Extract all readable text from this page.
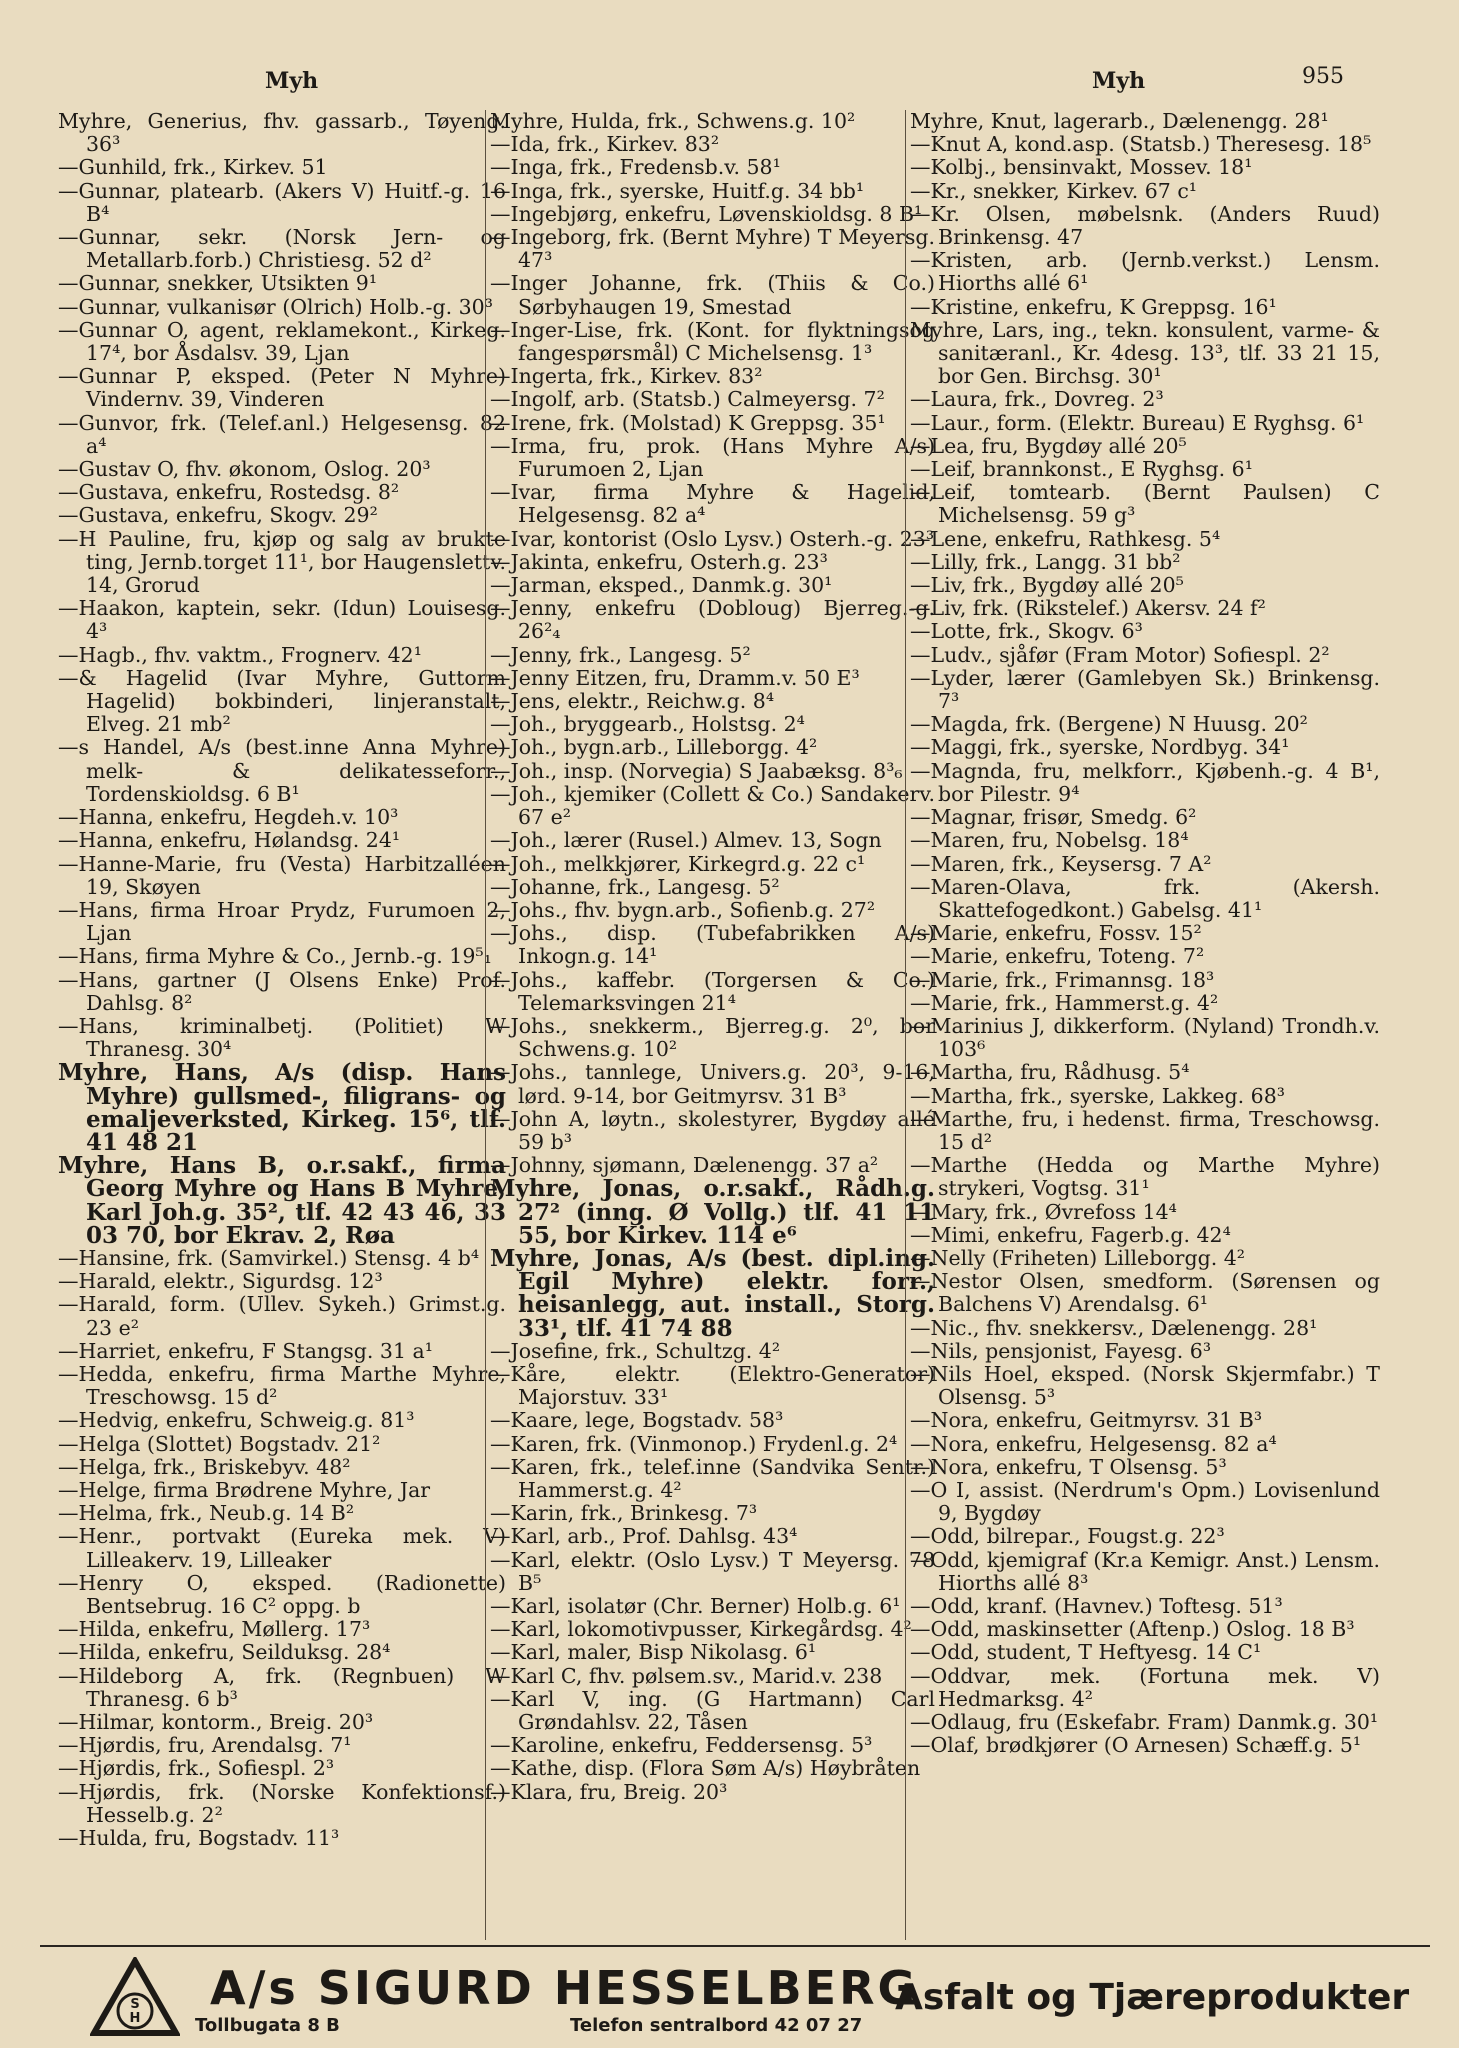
Myh	Myh	955

Myhre, Generius, fhv. gassarb., Tøyeng. 36³

—Gunhild, frk., Kirkev. 51

—Gunnar, platearb. (Akers V) Huitf.-g. 16 B⁴

—Gunnar, sekr. (Norsk Jern- og Metallarb.forb.) Christiesg. 52 d²

—Gunnar, snekker, Utsikten 9¹

—Gunnar, vulkanisør (Olrich) Holb.-g. 30³

—Gunnar O, agent, reklamekont., Kirkeg. 17⁴, bor Åsdalsv. 39, Ljan

—Gunnar P, eksped. (Peter N Myhre) Vindernv. 39, Vinderen

—Gunvor, frk. (Telef.anl.) Helgesensg. 82 a⁴

—Gustav O, fhv. økonom, Oslog. 20³

—Gustava, enkefru, Rostedsg. 8²

—Gustava, enkefru, Skogv. 29²

—H Pauline, fru, kjøp og salg av brukte ting, Jernb.torget 11¹, bor Haugenslettv. 14, Grorud

—Haakon, kaptein, sekr. (Idun) Louisesg. 4³

—Hagb., fhv. vaktm., Frognerv. 42¹

—& Hagelid (Ivar Myhre, Guttorm Hagelid) bokbinderi, linjeranstalt, Elveg. 21 mb²

—s Handel, A/s (best.inne Anna Myhre) melk- & delikatesseforr., Tordenskioldsg. 6 B¹

—Hanna, enkefru, Hegdeh.v. 10³

—Hanna, enkefru, Hølandsg. 24¹

—Hanne-Marie, fru (Vesta) Harbitzalléen 19, Skøyen

—Hans, firma Hroar Prydz, Furumoen 2, Ljan

—Hans, firma Myhre & Co., Jernb.-g. 19⁵₁

—Hans, gartner (J Olsens Enke) Prof. Dahlsg. 8²

—Hans, kriminalbetj. (Politiet) W Thranesg. 30⁴

Myhre, Hans, A/s (disp. Hans Myhre) gullsmed-, filigrans- og emaljeverksted, Kirkeg. 15⁶, tlf. 41 48 21

Myhre, Hans B, o.r.sakf., firma Georg Myhre og Hans B Myhre, Karl Joh.g. 35², tlf. 42 43 46, 33 03 70, bor Ekrav. 2, Røa

—Hansine, frk. (Samvirkel.) Stensg. 4 b⁴

—Harald, elektr., Sigurdsg. 12³

—Harald, form. (Ullev. Sykeh.) Grimst.g. 23 e²

—Harriet, enkefru, F Stangsg. 31 a¹

—Hedda, enkefru, firma Marthe Myhre, Treschowsg. 15 d²

—Hedvig, enkefru, Schweig.g. 81³

—Helga (Slottet) Bogstadv. 21²

—Helga, frk., Briskebyv. 48²

—Helge, firma Brødrene Myhre, Jar

—Helma, frk., Neub.g. 14 B²

—Henr., portvakt (Eureka mek. V) Lilleakerv. 19, Lilleaker

—Henry O, eksped. (Radionette) Bentsebrug. 16 C² oppg. b

—Hilda, enkefru, Møllerg. 17³

—Hilda, enkefru, Seilduksg. 28⁴

—Hildeborg A, frk. (Regnbuen) W Thranesg. 6 b³

—Hilmar, kontorm., Breig. 20³

—Hjørdis, fru, Arendalsg. 7¹

—Hjørdis, frk., Sofiespl. 2³

—Hjørdis, frk. (Norske Konfektionsf.) Hesselb.g. 2²

—Hulda, fru, Bogstadv. 11³

Myhre, Hulda, frk., Schwens.g. 10²

—Ida, frk., Kirkev. 83²

—Inga, frk., Fredensb.v. 58¹

—Inga, frk., syerske, Huitf.g. 34 bb¹

—Ingebjørg, enkefru, Løvenskioldsg. 8 B¹

—Ingeborg, frk. (Bernt Myhre) T Meyersg. 47³

—Inger Johanne, frk. (Thiis & Co.) Sørbyhaugen 19, Smestad

—Inger-Lise, frk. (Kont. for flyktningsog fangespørsmål) C Michelsensg. 1³

—Ingerta, frk., Kirkev. 83²

—Ingolf, arb. (Statsb.) Calmeyersg. 7²

—Irene, frk. (Molstad) K Greppsg. 35¹

—Irma, fru, prok. (Hans Myhre A/s) Furumoen 2, Ljan

—Ivar, firma Myhre & Hagelid, Helgesensg. 82 a⁴

—Ivar, kontorist (Oslo Lysv.) Osterh.-g. 23³

—Jakinta, enkefru, Osterh.g. 23³

—Jarman, eksped., Danmk.g. 30¹

—Jenny, enkefru (Dobloug) Bjerreg.-g. 26²₄

—Jenny, frk., Langesg. 5²

—Jenny Eitzen, fru, Dramm.v. 50 E³

—Jens, elektr., Reichw.g. 8⁴

—Joh., bryggearb., Holstsg. 2⁴

—Joh., bygn.arb., Lilleborgg. 4²

—Joh., insp. (Norvegia) S Jaabæksg. 8³₆

—Joh., kjemiker (Collett & Co.) Sandakerv. 67 e²

—Joh., lærer (Rusel.) Almev. 13, Sogn

—Joh., melkkjører, Kirkegrd.g. 22 c¹

—Johanne, frk., Langesg. 5²

—Johs., fhv. bygn.arb., Sofienb.g. 27²

—Johs., disp. (Tubefabrikken A/s) Inkogn.g. 14¹

—Johs., kaffebr. (Torgersen & Co.) Telemarksvingen 21⁴

—Johs., snekkerm., Bjerreg.g. 2⁰, bor Schwens.g. 10²

—Johs., tannlege, Univers.g. 20³, 9-16, lørd. 9-14, bor Geitmyrsv. 31 B³

—John A, løytn., skolestyrer, Bygdøy allé 59 b³

—Johnny, sjømann, Dælenengg. 37 a²

Myhre, Jonas, o.r.sakf., Rådh.g. 27² (inng. Ø Vollg.) tlf. 41 11 55, bor Kirkev. 114 e⁶

Myhre, Jonas, A/s (best. dipl.ing. Egil Myhre) elektr. forr., heisanlegg, aut. install., Storg. 33¹, tlf. 41 74 88

—Josefine, frk., Schultzg. 4²

—Kåre, elektr. (Elektro-Generator) Majorstuv. 33¹

—Kaare, lege, Bogstadv. 58³

—Karen, frk. (Vinmonop.) Frydenl.g. 2⁴

—Karen, frk., telef.inne (Sandvika Sentr.) Hammerst.g. 4²

—Karin, frk., Brinkesg. 7³

—Karl, arb., Prof. Dahlsg. 43⁴

—Karl, elektr. (Oslo Lysv.) T Meyersg. 78 B⁵

—Karl, isolatør (Chr. Berner) Holb.g. 6¹

—Karl, lokomotivpusser, Kirkegårdsg. 4²

—Karl, maler, Bisp Nikolasg. 6¹

—Karl C, fhv. pølsem.sv., Marid.v. 238

—Karl V, ing. (G Hartmann) Carl Grøndahlsv. 22, Tåsen

—Karoline, enkefru, Feddersensg. 5³

—Kathe, disp. (Flora Søm A/s) Høybråten

—Klara, fru, Breig. 20³

Myhre, Knut, lagerarb., Dælenengg. 28¹

—Knut A, kond.asp. (Statsb.) Theresesg. 18⁵

—Kolbj., bensinvakt, Mossev. 18¹

—Kr., snekker, Kirkev. 67 c¹

—Kr. Olsen, møbelsnk. (Anders Ruud) Brinkensg. 47

—Kristen, arb. (Jernb.verkst.) Lensm. Hiorths allé 6¹

—Kristine, enkefru, K Greppsg. 16¹

Myhre, Lars, ing., tekn. konsulent, varme- & sanitæranl., Kr. 4desg. 13³, tlf. 33 21 15, bor Gen. Birchsg. 30¹

—Laura, frk., Dovreg. 2³

—Laur., form. (Elektr. Bureau) E Ryghsg. 6¹

—Lea, fru, Bygdøy allé 20⁵

—Leif, brannkonst., E Ryghsg. 6¹

—Leif, tomtearb. (Bernt Paulsen) C Michelsensg. 59 g³

—Lene, enkefru, Rathkesg. 5⁴

—Lilly, frk., Langg. 31 bb²

—Liv, frk., Bygdøy allé 20⁵

—Liv, frk. (Rikstelef.) Akersv. 24 f²

—Lotte, frk., Skogv. 6³

—Ludv., sjåfør (Fram Motor) Sofiespl. 2²

—Lyder, lærer (Gamlebyen Sk.) Brinkensg. 7³

—Magda, frk. (Bergene) N Huusg. 20²

—Maggi, frk., syerske, Nordbyg. 34¹

—Magnda, fru, melkforr., Kjøbenh.-g. 4 B¹, bor Pilestr. 9⁴

—Magnar, frisør, Smedg. 6²

—Maren, fru, Nobelsg. 18⁴

—Maren, frk., Keysersg. 7 A²

—Maren-Olava, frk. (Akersh. Skattefogedkont.) Gabelsg. 41¹

—Marie, enkefru, Fossv. 15²

—Marie, enkefru, Toteng. 7²

—Marie, frk., Frimannsg. 18³

—Marie, frk., Hammerst.g. 4²

—Marinius J, dikkerform. (Nyland) Trondh.v. 103⁶

—Martha, fru, Rådhusg. 5⁴

—Martha, frk., syerske, Lakkeg. 68³

—Marthe, fru, i hedenst. firma, Treschowsg. 15 d²

—Marthe (Hedda og Marthe Myhre) strykeri, Vogtsg. 31¹

—Mary, frk., Øvrefoss 14⁴

—Mimi, enkefru, Fagerb.g. 42⁴

—Nelly (Friheten) Lilleborgg. 4²

—Nestor Olsen, smedform. (Sørensen og Balchens V) Arendalsg. 6¹

—Nic., fhv. snekkersv., Dælenengg. 28¹

—Nils, pensjonist, Fayesg. 6³

—Nils Hoel, eksped. (Norsk Skjermfabr.) T Olsensg. 5³

—Nora, enkefru, Geitmyrsv. 31 B³

—Nora, enkefru, Helgesensg. 82 a⁴

—Nora, enkefru, T Olsensg. 5³

—O I, assist. (Nerdrum's Opm.) Lovisenlund 9, Bygdøy

—Odd, bilrepar., Fougst.g. 22³

—Odd, kjemigraf (Kr.a Kemigr. Anst.) Lensm. Hiorths allé 8³

—Odd, kranf. (Havnev.) Toftesg. 51³

—Odd, maskinsetter (Aftenp.) Oslog. 18 B³

—Odd, student, T Heftyesg. 14 C¹

—Oddvar, mek. (Fortuna mek. V) Hedmarksg. 4²

—Odlaug, fru (Eskefabr. Fram) Danmk.g. 30¹

—Olaf, brødkjører (O Arnesen) Schæff.g. 5¹

S
H
A/s SIGURD HESSELBERG
Tollbugata 8 B	Telefon sentralbord 42 07 27
Asfalt og Tjæreprodukter
